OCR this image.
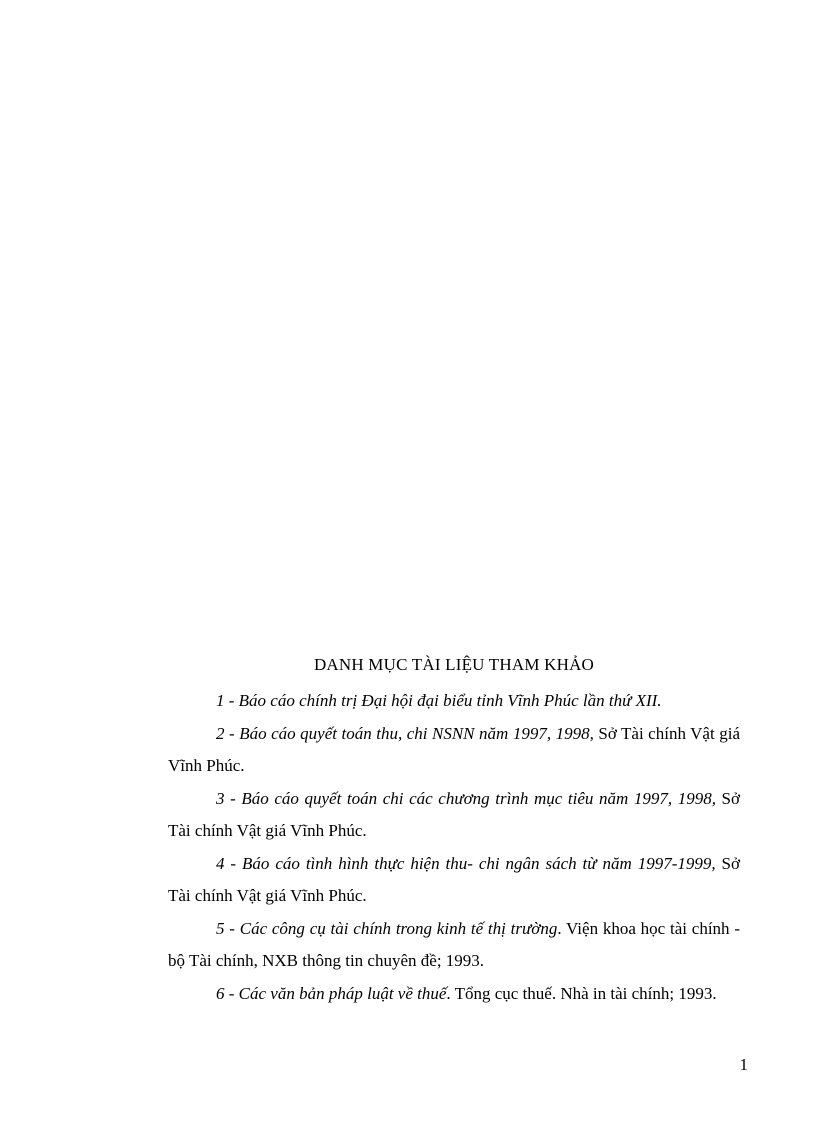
DANH MỤC TÀI LIỆU THAM KHẢO

1 - Báo cáo chính trị Đại hội đại biểu tỉnh Vĩnh Phúc lần thứ XII.

2 - Báo cáo quyết toán thu, chi NSNN năm 1997, 1998, Sở Tài chính Vật giá Vĩnh Phúc.

3 - Báo cáo quyết toán chi các chương trình mục tiêu năm 1997, 1998, Sở Tài chính Vật giá Vĩnh Phúc.

4 - Báo cáo tình hình thực hiện thu- chi ngân sách từ năm 1997-1999, Sở Tài chính Vật giá Vĩnh Phúc.

5 - Các công cụ tài chính trong kinh tế thị trường. Viện khoa học tài chính - bộ Tài chính, NXB thông tin chuyên đề; 1993.

6 - Các văn bản pháp luật về thuế. Tổng cục thuế. Nhà in tài chính; 1993.

1
